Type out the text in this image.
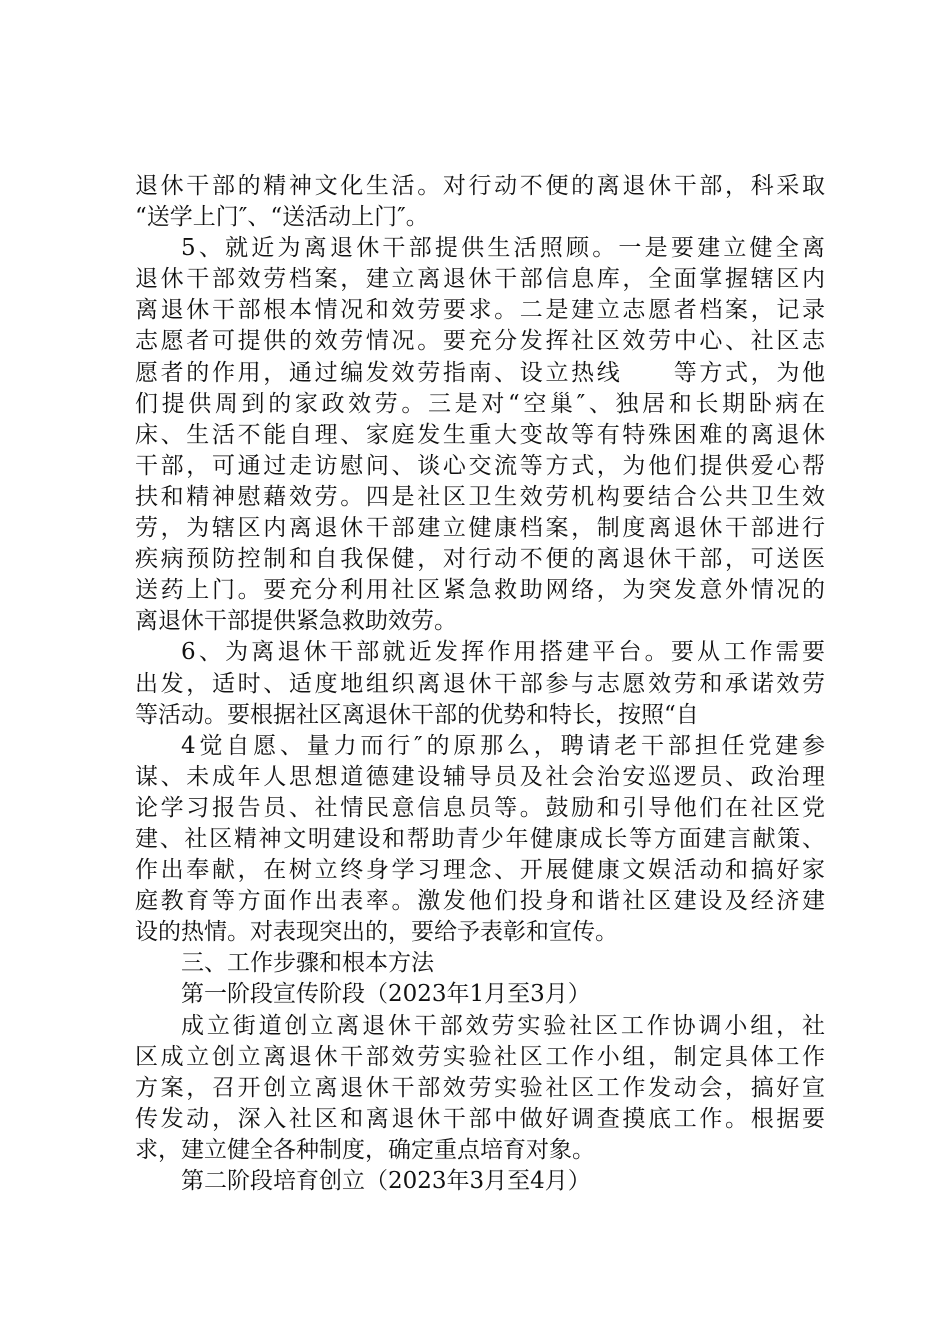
退休干部的精神文化生活。对行动不便的离退休干部，科采取
“送学上门″、“送活动上门″。
5、就近为离退休干部提供生活照顾。一是要建立健全离
退休干部效劳档案，建立离退休干部信息库，全面掌握辖区内
离退休干部根本情况和效劳要求。二是建立志愿者档案，记录
志愿者可提供的效劳情况。要充分发挥社区效劳中心、社区志
愿者的作用，通过编发效劳指南、设立热线　　等方式，为他
们提供周到的家政效劳。三是对“空巢″、独居和长期卧病在
床、生活不能自理、家庭发生重大变故等有特殊困难的离退休
干部，可通过走访慰问、谈心交流等方式，为他们提供爱心帮
扶和精神慰藉效劳。四是社区卫生效劳机构要结合公共卫生效
劳，为辖区内离退休干部建立健康档案，制度离退休干部进行
疾病预防控制和自我保健，对行动不便的离退休干部，可送医
送药上门。要充分利用社区紧急救助网络，为突发意外情况的
离退休干部提供紧急救助效劳。
6、为离退休干部就近发挥作用搭建平台。要从工作需要
出发，适时、适度地组织离退休干部参与志愿效劳和承诺效劳
等活动。要根据社区离退休干部的优势和特长，按照“自
4觉自愿、量力而行″的原那么，聘请老干部担任党建参
谋、未成年人思想道德建设辅导员及社会治安巡逻员、政治理
论学习报告员、社情民意信息员等。鼓励和引导他们在社区党
建、社区精神文明建设和帮助青少年健康成长等方面建言献策、
作出奉献，在树立终身学习理念、开展健康文娱活动和搞好家
庭教育等方面作出表率。激发他们投身和谐社区建设及经济建
设的热情。对表现突出的，要给予表彰和宣传。
三、工作步骤和根本方法
第一阶段宣传阶段（2023年1月至3月）
成立街道创立离退休干部效劳实验社区工作协调小组，社
区成立创立离退休干部效劳实验社区工作小组，制定具体工作
方案，召开创立离退休干部效劳实验社区工作发动会，搞好宣
传发动，深入社区和离退休干部中做好调查摸底工作。根据要
求，建立健全各种制度，确定重点培育对象。
第二阶段培育创立（2023年3月至4月）
